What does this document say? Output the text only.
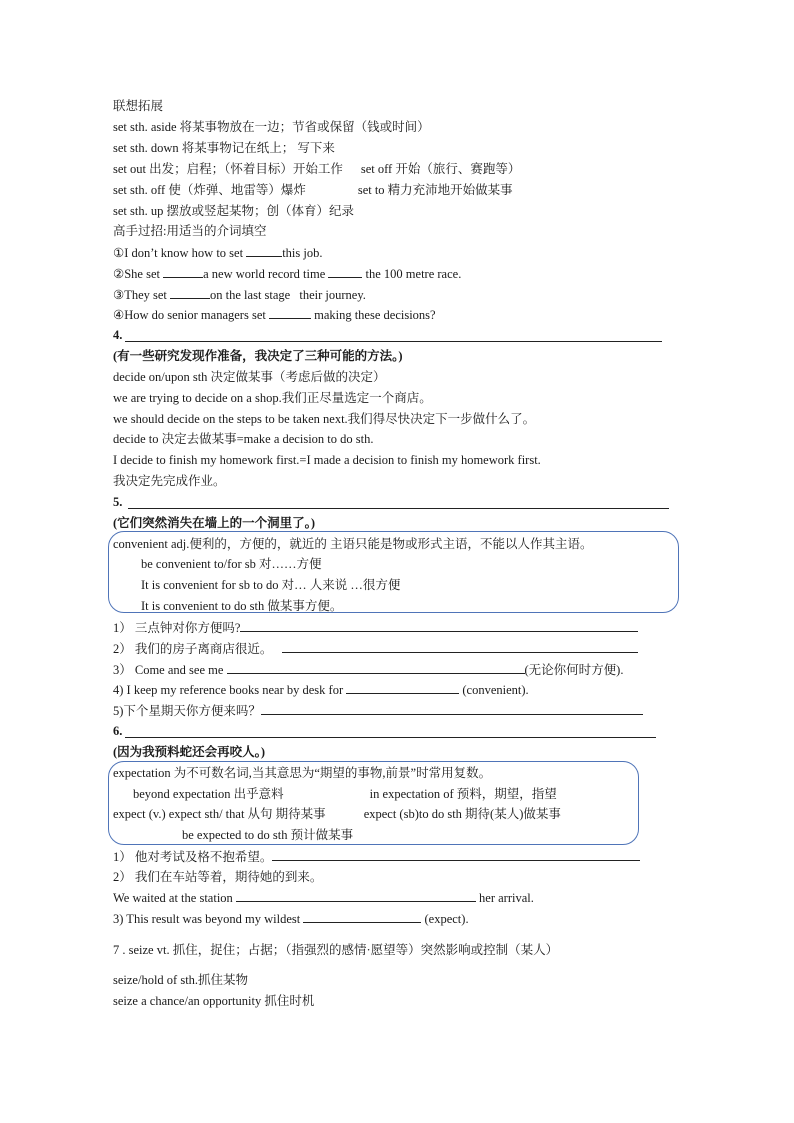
联想拓展
set sth. aside 将某事物放在一边；节省或保留（钱或时间）
set sth. down 将某事物记在纸上； 写下来
set out 出发；启程；（怀着目标）开始工作 set off 开始（旅行、赛跑等）
set sth. off 使（炸弹、地雷等）爆炸	set to 精力充沛地开始做某事
set sth. up 摆放或竖起某物；创（体育）纪录
高手过招:用适当的介词填空
①I don’t know how to set	this job.
②She set	a new world record time	the 100 metre race.
③They set	on the last stage their journey.
④How do senior managers set	making these decisions?
4.
(有一些研究发现作准备，我决定了三种可能的方法。)
decide on/upon sth 决定做某事（考虑后做的决定）
we are trying to decide on a shop.我们正尽量选定一个商店。
we should decide on the steps to be taken next.我们得尽快决定下一步做什么了。
decide to 决定去做某事=make a decision to do sth.
I decide to finish my homework first.=I made a decision to finish my homework first.
我决定先完成作业。
5.
(它们突然消失在墙上的一个洞里了。)
convenient adj.便利的，方便的，就近的 主语只能是物或形式主语，不能以人作其主语。
be convenient to/for sb 对……方便
It is convenient for sb to do 对… 人来说 …很方便
It is convenient to do sth 做某事方便。
1） 三点钟对你方便吗?
2） 我们的房子离商店很近。
3） Come and see me	(无论你何时方便).
4) I keep my reference books near by desk for	(convenient).
5)下个星期天你方便来吗？
6.
(因为我预料蛇还会再咬人。)
expectation 为不可数名词,当其意思为“期望的事物,前景”时常用复数。
beyond expectation 出乎意料	in expectation of 预料，期望，指望
expect (v.) expect sth/ that 从句 期待某事	expect (sb)to do sth 期待(某人)做某事
be expected to do sth 预计做某事
1） 他对考试及格不抱希望。
2） 我们在车站等着，期待她的到来。
We waited at the station	her arrival.
3) This result was beyond my wildest	(expect).
7 . seize vt. 抓住，捉住；占据；（指强烈的感情·愿望等）突然影响或控制（某人）
seize/hold of sth.抓住某物
seize a chance/an opportunity 抓住时机
